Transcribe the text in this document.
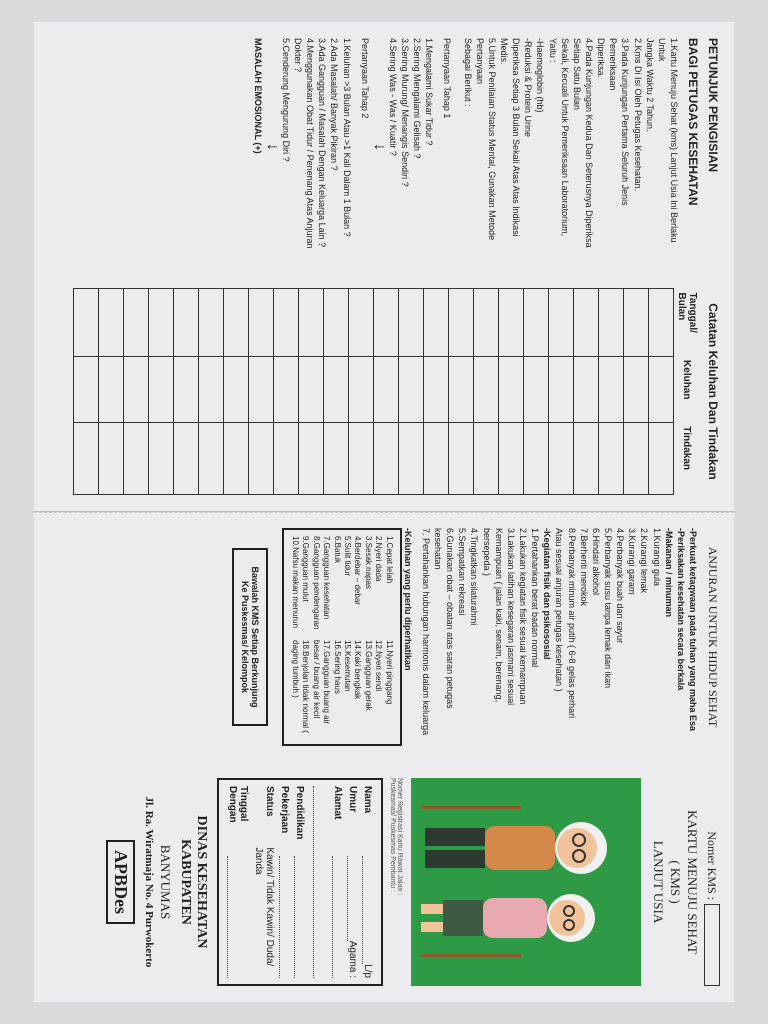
PETUNJUK PENGISIAN
BAGI PETUGAS KESEHATAN
1.Kartu Menuju Sehat (kms) Lanjut Usia Ini Berlaku Untuk
Jangka Waktu 2 Tahun.
2.Kms Di Isi Oleh Petugas Kesehatan.
3.Pada Kunjungan Pertama Seluruh Jenis Pemeriksaan
Diperiksa.
4.Pada Kunjungan Kedua Dan Seterusnya Diperiksa Setiap Satu Bulan
Sekali, Kecuali Untuk Pemeriksaan Laboratorium, Yaitu :
-Haemoglobin (hb)
-Reduksi & Protein Urine
Diperiksa Setiap 3 Bulan Sekali Atas Atas Indikasi Medis.
5.Untuk Penilaian Status Mental, Gunakan Metode Pertanyaan
Sebagai Berikut :
Pertanyaan Tahap 1
1.Mengalami Sukar Tidur ?
2.Sering Mengalami Gelisah ?
3.Sering Murung/ Menangis Sendiri ?
4.Sering Was - Was / Kuatir ?
↓
Pertanyaan Tahap 2
1.Keluhan >3 Bulan Atau >1 Kali Dalam 1 Bulan ?
2.Ada Masalah/ Banyak Pikiran ?
3.Ada Gangguan / Masalah Dengan Keluarga Lain ?
4.Menggunakan Obat Tidur / Penenang Atas Anjuran Dokter ?
5.Cenderung Mengurung Diri ?
↓
MASALAH EMOSIONAL (+)
Catatan Keluhan Dan Tindakan
Tanggal/
Bulan	Keluhan	Tindakan

ANJURAN UNTUK HIDUP SEHAT
-Perkuat ketaqwaan pada tuhan yang maha Esa
-Periksakan kesehatan secara berkala
-Makanan / minuman
1.Kurangi gula
2.Kurangi lemak
3.Kurangi garam
4.Perbanyak buah dan sayur
5.Perbanyak susu tanpa lemak dan ikan
6.Hindari alkohol
7.Berhenti merokok
8.Perbanyak minum air putih ( 6-8 gelas perhari
Atau sesuai anjuran petugas kesehatan )
-Kegiatan fisik dan psikososial
1.Pertahankan berat badan normal
2.Lakukan kegiatan fisik sesuai kemampuan
3.Lakukan latihan kesegaran jasmani sesuai
Kemampuan ( jalan kaki, senam, berenang, bersepeda )
4.Tingkatkan silaturahmi
5.Sempatkan rekreasi
6.Gunakan obat – obatan atas saran petugas kesehatan
7. Pertahankan hubungan harmonis dalam keluarga
-Keluhan yang perlu diperhatikan
1.Cepat lelah
2.Nyeri dada
3.Sesak napas
4.Berdebar – debar
5.Sulit tidur
6.Batuk
7.Gangguan kesehatan
8.Gangguan pendengaran
9.Gangguan mulut
10.Nafsu makan menurun
11.Nyeri pinggang
12.Nyeri sendi
13.Gangguan gerak
14.Kaki bengkak
15.Kesemutan
16.Sering haus
17.Gangguan buang air besar / buang air kecil
18.Benjolan tidak normal ( daging tumbuh )
Bawalah KMS Setiap Berkunjung
Ke Puskesmas/ Kelompok
Nomer KMS :
KARTU MENUJU SEHAT
( KMS )
LANJUT USIA
Nomer Registrasi Kartu Rawat Jalan :
Puskesmas/ Puskesmas Pembantu :
Nama
L/p
Umur
Agama :
Alamat
Pendidikan
Pekerjaan
Status
Kawin/ Tidak Kawin/ Duda/ Janda
Tinggal Dengan
DINAS KESEHATAN KABUPATEN
BANYUMAS
Jl. Ra. Wiratmaja No. 4 Purwokerto
APBDes
